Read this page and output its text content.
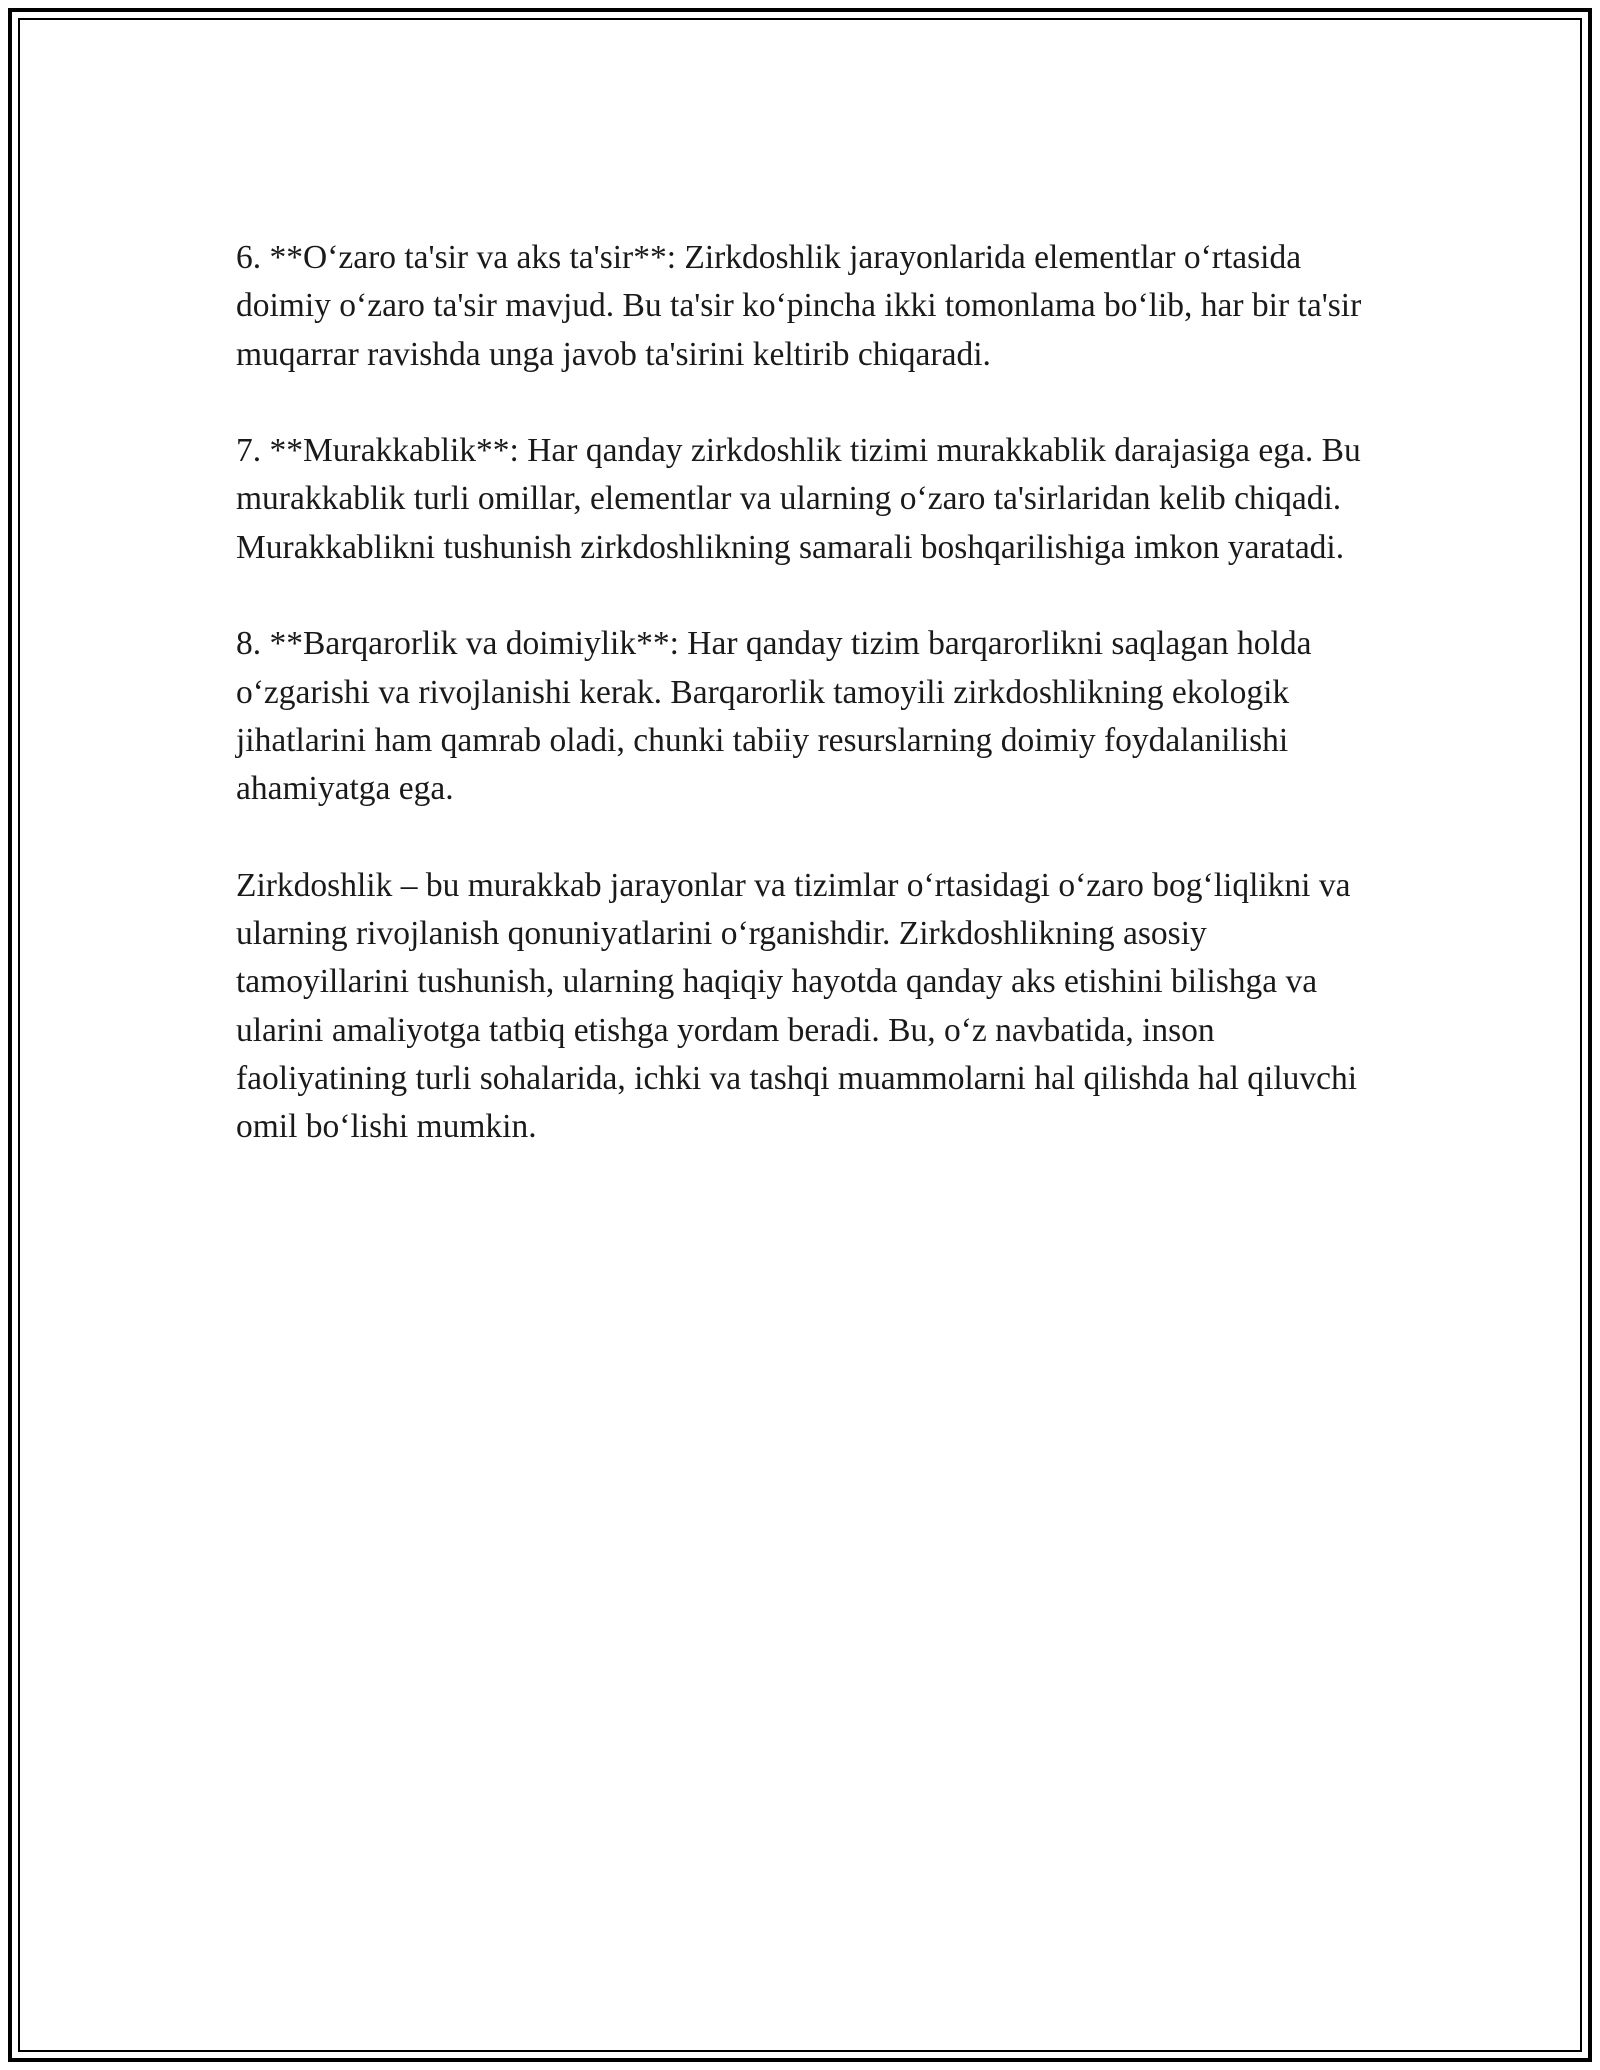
6. **O‘zaro ta'sir va aks ta'sir**: Zirkdoshlik jarayonlarida elementlar o‘rtasida doimiy o‘zaro ta'sir mavjud. Bu ta'sir ko‘pincha ikki tomonlama bo‘lib, har bir ta'sir muqarrar ravishda unga javob ta'sirini keltirib chiqaradi.

7. **Murakkablik**: Har qanday zirkdoshlik tizimi murakkablik darajasiga ega. Bu murakkablik turli omillar, elementlar va ularning o‘zaro ta'sirlaridan kelib chiqadi. Murakkablikni tushunish zirkdoshlikning samarali boshqarilishiga imkon yaratadi.

8. **Barqarorlik va doimiylik**: Har qanday tizim barqarorlikni saqlagan holda o‘zgarishi va rivojlanishi kerak. Barqarorlik tamoyili zirkdoshlikning ekologik jihatlarini ham qamrab oladi, chunki tabiiy resurslarning doimiy foydalanilishi ahamiyatga ega.

Zirkdoshlik – bu murakkab jarayonlar va tizimlar o‘rtasidagi o‘zaro bog‘liqlikni va ularning rivojlanish qonuniyatlarini o‘rganishdir. Zirkdoshlikning asosiy tamoyillarini tushunish, ularning haqiqiy hayotda qanday aks etishini bilishga va ularini amaliyotga tatbiq etishga yordam beradi. Bu, o‘z navbatida, inson faoliyatining turli sohalarida, ichki va tashqi muammolarni hal qilishda hal qiluvchi omil bo‘lishi mumkin.
